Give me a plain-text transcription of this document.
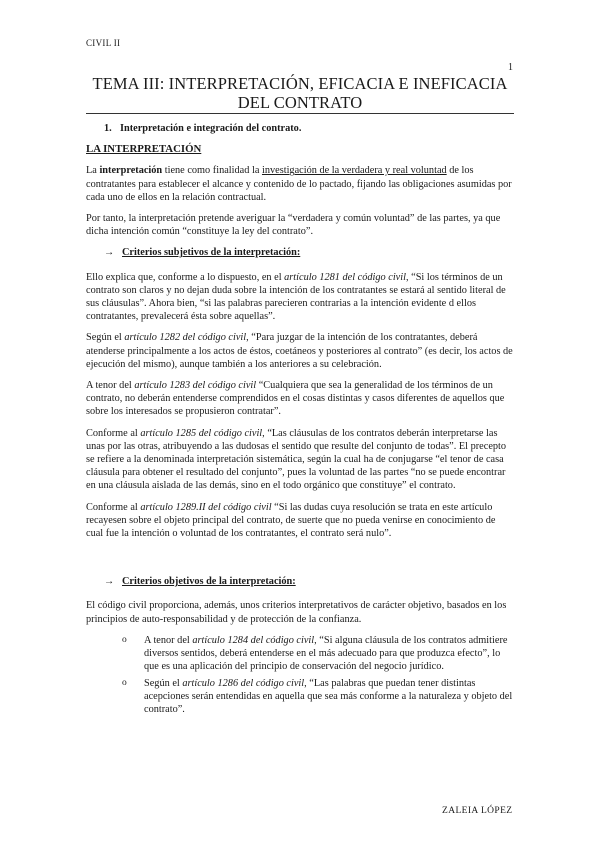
CIVIL II
1
TEMA III: INTERPRETACIÓN, EFICACIA E INEFICACIA DEL CONTRATO
1. Interpretación e integración del contrato.
LA INTERPRETACIÓN

La interpretación tiene como finalidad la investigación de la verdadera y real voluntad de los contratantes para establecer el alcance y contenido de lo pactado, fijando las obligaciones asumidas por cada uno de ellos en la relación contractual.

Por tanto, la interpretación pretende averiguar la “verdadera y común voluntad” de las partes, ya que dicha intención común “constituye la ley del contrato”.

→ Criterios subjetivos de la interpretación:

Ello explica que, conforme a lo dispuesto, en el artículo 1281 del código civil, “Si los términos de un contrato son claros y no dejan duda sobre la intención de los contratantes se estará al sentido literal de sus cláusulas”. Ahora bien, “si las palabras parecieren contrarias a la intención evidente d ellos contratantes, prevalecerá ésta sobre aquellas”.

Según el artículo 1282 del código civil, “Para juzgar de la intención de los contratantes, deberá atenderse principalmente a los actos de éstos, coetáneos y posteriores al contrato” (es decir, los actos de ejecución del mismo), aunque también a los anteriores a su celebración.

A tenor del artículo 1283 del código civil “Cualquiera que sea la generalidad de los términos de un contrato, no deberán entenderse comprendidos en el cosas distintas y casos diferentes de aquellos que sobre los interesados se propusieron contratar”.

Conforme al artículo 1285 del código civil, “Las cláusulas de los contratos deberán interpretarse las unas por las otras, atribuyendo a las dudosas el sentido que resulte del conjunto de todas”. El precepto se refiere a la denominada interpretación sistemática, según la cual ha de conjugarse “el tenor de casa cláusula para obtener el resultado del conjunto”, pues la voluntad de las partes “no se puede encontrar en una cláusula aislada de las demás, sino en el todo orgánico que constituye” el contrato.

Conforme al artículo 1289.II del código civil “Si las dudas cuya resolución se trata en este artículo recayesen sobre el objeto principal del contrato, de suerte que no pueda venirse en conocimiento de cual fue la intención o voluntad de los contratantes, el contrato será nulo”.

→ Criterios objetivos de la interpretación:

El código civil proporciona, además, unos criterios interpretativos de carácter objetivo, basados en los principios de auto-responsabilidad y de protección de la confianza.

o A tenor del artículo 1284 del código civil, “Si alguna cláusula de los contratos admitiere diversos sentidos, deberá entenderse en el más adecuado para que produzca efecto”, lo que es una aplicación del principio de conservación del negocio jurídico.
o Según el artículo 1286 del código civil, “Las palabras que puedan tener distintas acepciones serán entendidas en aquella que sea más conforme a la naturaleza y objeto del contrato”.
ZALEIA LÓPEZ
